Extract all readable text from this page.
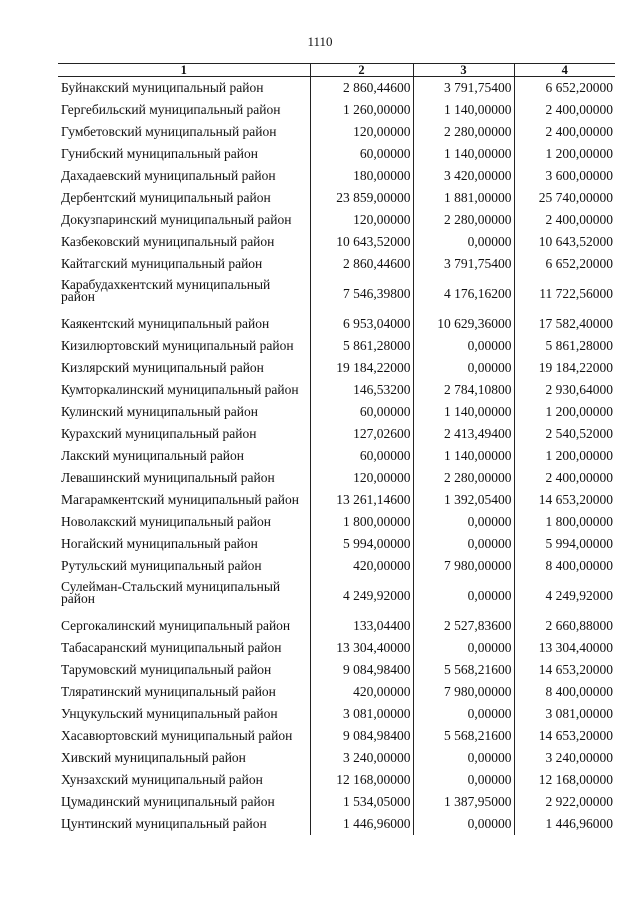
1110
1	2	3	4
Буйнакский муниципальный район	2 860,44600	3 791,75400	6 652,20000
Гергебильский муниципальный район	1 260,00000	1 140,00000	2 400,00000
Гумбетовский муниципальный район	120,00000	2 280,00000	2 400,00000
Гунибский муниципальный район	60,00000	1 140,00000	1 200,00000
Дахадаевский муниципальный район	180,00000	3 420,00000	3 600,00000
Дербентский муниципальный район	23 859,00000	1 881,00000	25 740,00000
Докузпаринский муниципальный район	120,00000	2 280,00000	2 400,00000
Казбековский муниципальный район	10 643,52000	0,00000	10 643,52000
Кайтагский муниципальный район	2 860,44600	3 791,75400	6 652,20000
Карабудахкентский муниципальный район	7 546,39800	4 176,16200	11 722,56000
Каякентский муниципальный район	6 953,04000	10 629,36000	17 582,40000
Кизилюртовский муниципальный район	5 861,28000	0,00000	5 861,28000
Кизлярский муниципальный район	19 184,22000	0,00000	19 184,22000
Кумторкалинский муниципальный район	146,53200	2 784,10800	2 930,64000
Кулинский муниципальный район	60,00000	1 140,00000	1 200,00000
Курахский муниципальный район	127,02600	2 413,49400	2 540,52000
Лакский муниципальный район	60,00000	1 140,00000	1 200,00000
Левашинский муниципальный район	120,00000	2 280,00000	2 400,00000
Магарамкентский муниципальный район	13 261,14600	1 392,05400	14 653,20000
Новолакский муниципальный район	1 800,00000	0,00000	1 800,00000
Ногайский муниципальный район	5 994,00000	0,00000	5 994,00000
Рутульский муниципальный район	420,00000	7 980,00000	8 400,00000
Сулейман-Стальский муниципальный район	4 249,92000	0,00000	4 249,92000
Сергокалинский муниципальный район	133,04400	2 527,83600	2 660,88000
Табасаранский муниципальный район	13 304,40000	0,00000	13 304,40000
Тарумовский муниципальный район	9 084,98400	5 568,21600	14 653,20000
Тляратинский муниципальный район	420,00000	7 980,00000	8 400,00000
Унцукульский муниципальный район	3 081,00000	0,00000	3 081,00000
Хасавюртовский муниципальный район	9 084,98400	5 568,21600	14 653,20000
Хивский муниципальный район	3 240,00000	0,00000	3 240,00000
Хунзахский муниципальный район	12 168,00000	0,00000	12 168,00000
Цумадинский муниципальный район	1 534,05000	1 387,95000	2 922,00000
Цунтинский муниципальный район	1 446,96000	0,00000	1 446,96000
